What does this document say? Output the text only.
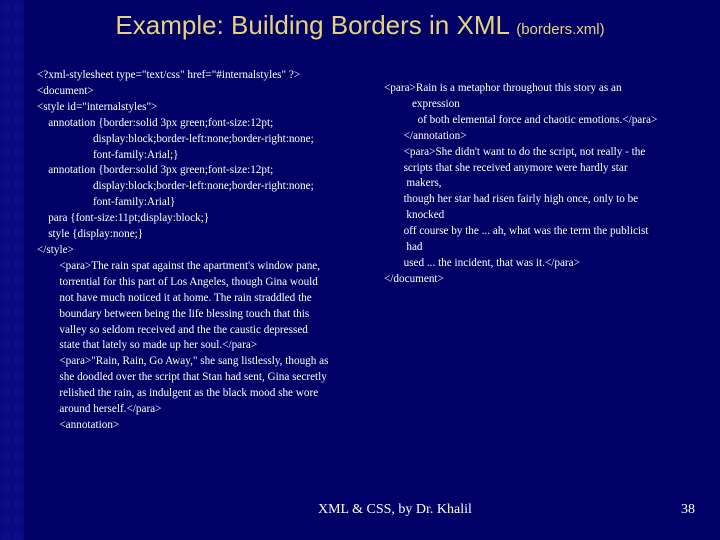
Example: Building Borders in XML (borders.xml)
<?xml-stylesheet type="text/css" href="#internalstyles" ?>
<document>
<style id="internalstyles">
annotation {border:solid 3px green;font-size:12pt;
display:block;border-left:none;border-right:none;
font-family:Arial;}
annotation {border:solid 3px green;font-size:12pt;
display:block;border-left:none;border-right:none;
font-family:Arial}
para {font-size:11pt;display:block;}
style {display:none;}
</style>
<para>The rain spat against the apartment's window pane,
torrential for this part of Los Angeles, though Gina would
not have much noticed it at home. The rain straddled the
boundary between being the life blessing touch that this
valley so seldom received and the the caustic depressed
state that lately so made up her soul.</para>
<para>"Rain, Rain, Go Away," she sang listlessly, though as
she doodled over the script that Stan had sent, Gina secretly
relished the rain, as indulgent as the black mood she wore
around herself.</para>
<annotation>
<para>Rain is a metaphor throughout this story as an
expression
of both elemental force and chaotic emotions.</para>
</annotation>
<para>She didn't want to do the script, not really - the
scripts that she received anymore were hardly star
makers,
though her star had risen fairly high once, only to be
knocked
off course by the ... ah, what was the term the publicist
had
used ... the incident, that was it.</para>
</document>
XML & CSS, by Dr. Khalil	38
